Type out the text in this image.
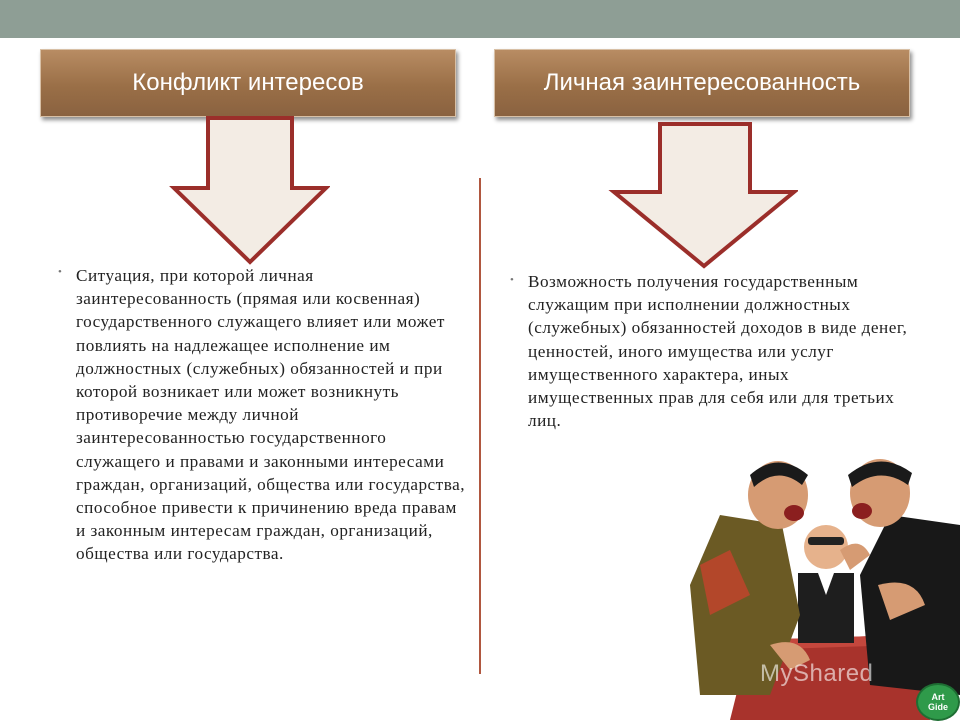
Конфликт интересов	Личная заинтересованность
• Ситуация, при которой личная заинтересованность (прямая или косвенная) государственного служащего влияет или может повлиять на надлежащее исполнение им должностных (служебных) обязанностей и при которой возникает или может возникнуть противоречие между личной заинтересованностью государственного служащего и правами и законными интересами граждан, организаций, общества или государства, способное привести к причинению вреда правам и законным интересам граждан, организаций, общества или государства.
• Возможность получения государственным служащим при исполнении должностных (служебных) обязанностей доходов в виде денег, ценностей, иного имущества или услуг имущественного характера, иных имущественных прав для себя или для третьих лиц.
MyShared
Art
Gide
